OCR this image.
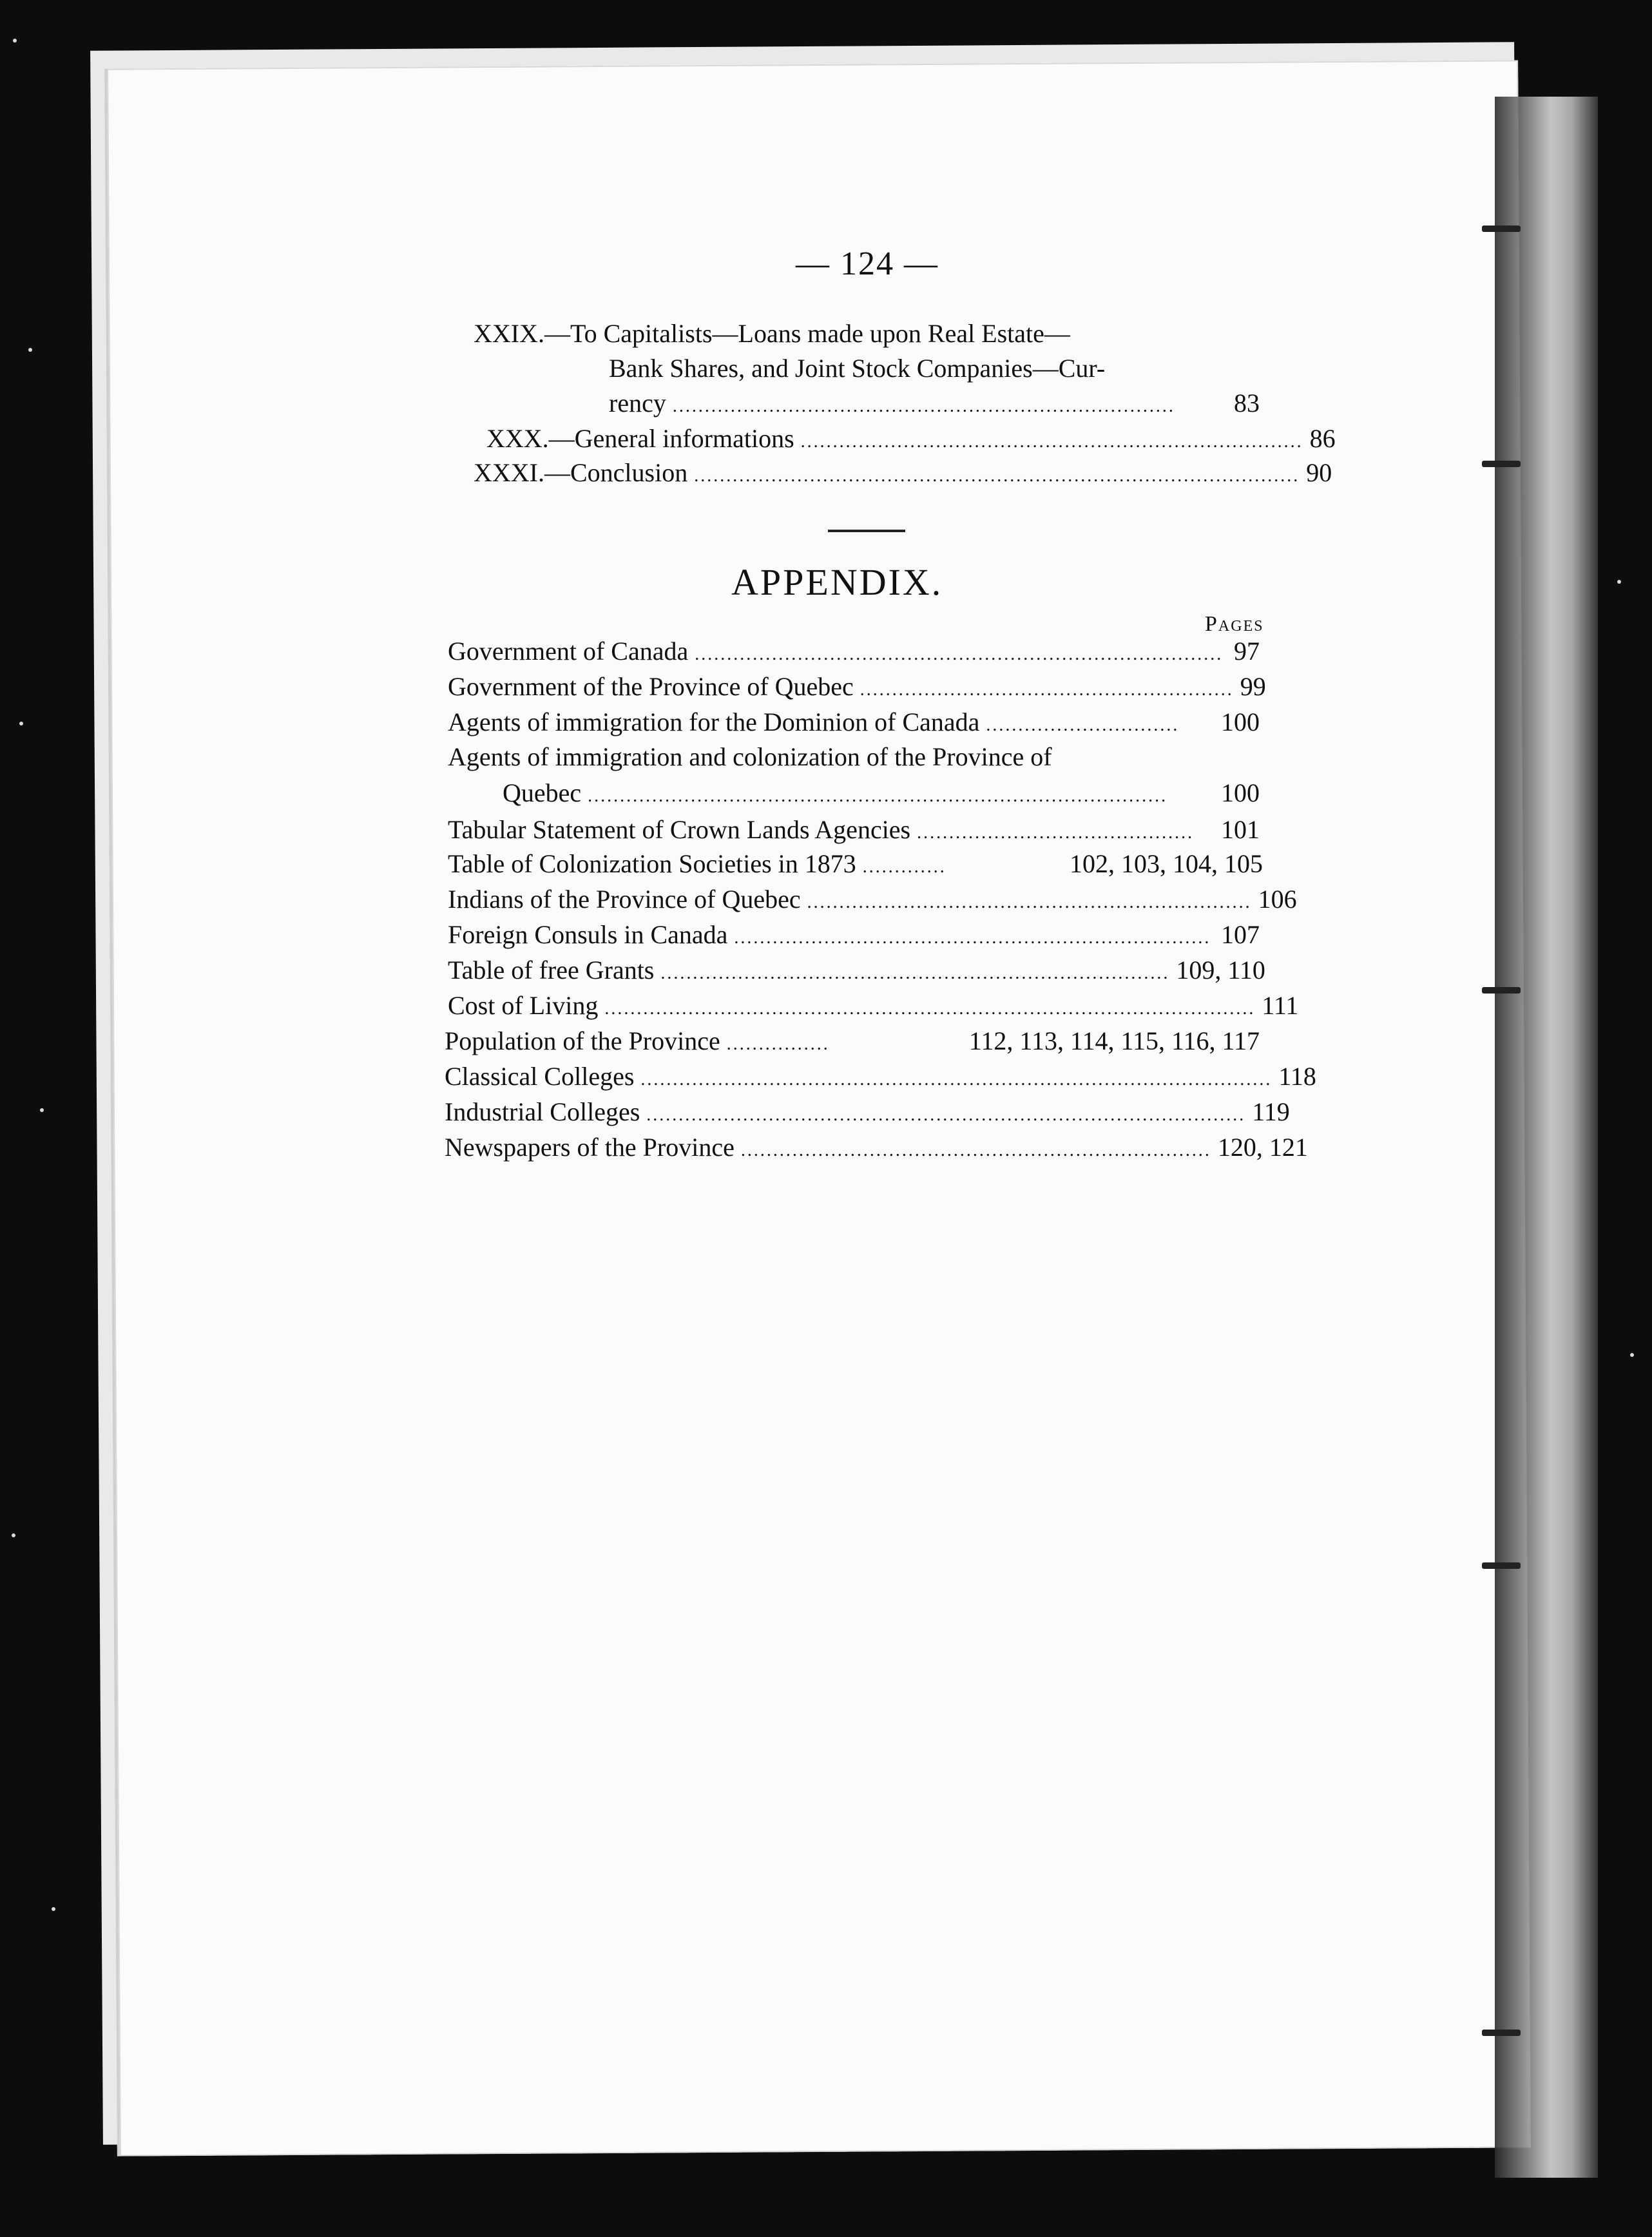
— 124 —
XXIX.—To Capitalists—Loans made upon Real Estate—
Bank Shares, and Joint Stock Companies—Cur-
rency ..............................................................................	83
XXX.—General informations .............................................................................. 86
XXXI.—Conclusion .............................................................................................. 90
APPENDIX.
Pages
Government of Canada .................................................................................. 97
Government of the Province of Quebec .......................................................... 99
Agents of immigration for the Dominion of Canada ..............................	100
Agents of immigration and colonization of the Province of
Quebec ..........................................................................................	100
Tabular Statement of Crown Lands Agencies ...........................................	101
Table of Colonization Societies in 1873 .............	102, 103, 104, 105
Indians of the Province of Quebec ..................................................................... 106
Foreign Consuls in Canada .......................................................................... 107
Table of free Grants ............................................................................... 109, 110
Cost of Living ..................................................................................................... 111
Population of the Province ................	112, 113, 114, 115, 116, 117
Classical Colleges .................................................................................................. 118
Industrial Colleges ............................................................................................. 119
Newspapers of the Province ......................................................................... 120, 121
